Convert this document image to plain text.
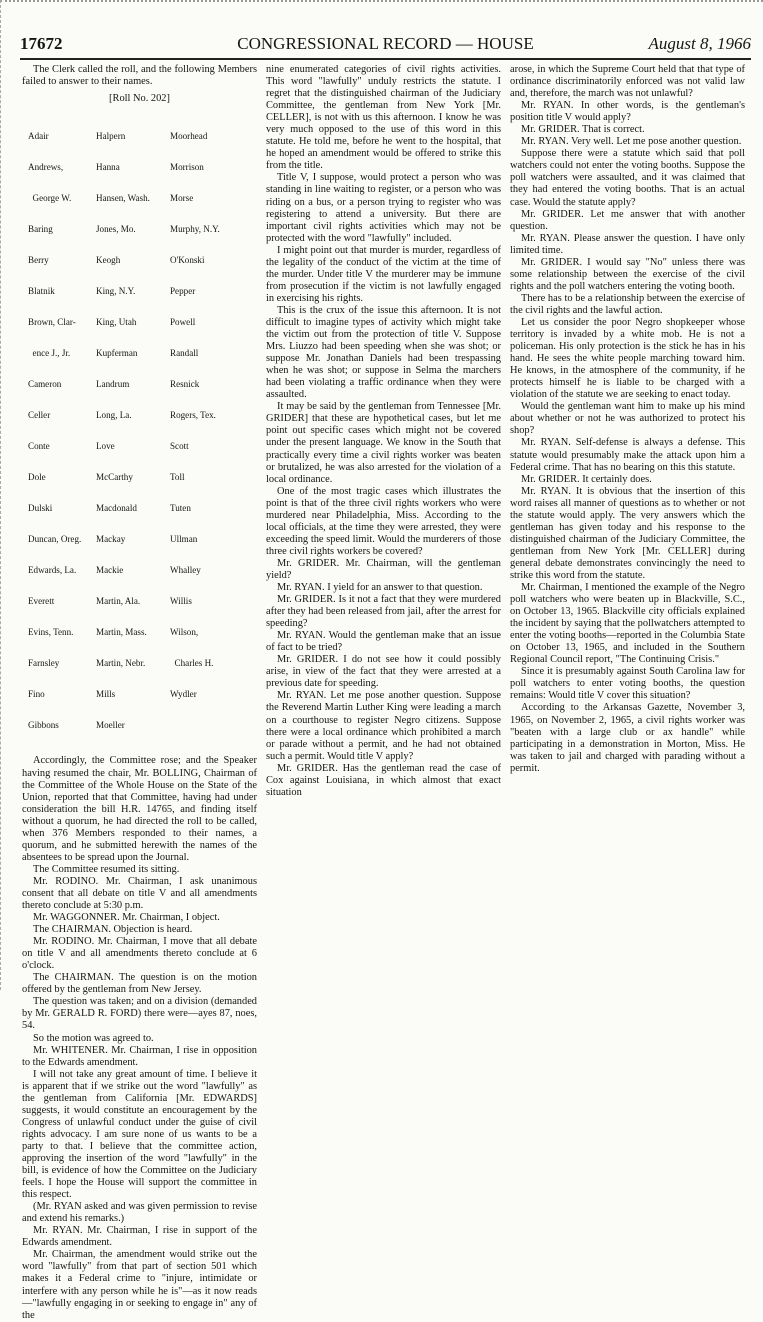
CONGRESSIONAL RECORD — HOUSE
17672	August 8, 1966

The Clerk called the roll, and the following Members failed to answer to their names.

[Roll No. 202]

Adair

Andrews,

George W.

Baring

Berry

Blatnik

Brown, Clar-

ence J., Jr.

Cameron

Celler

Conte

Dole

Dulski

Duncan, Oreg.

Edwards, La.

Everett

Evins, Tenn.

Farnsley

Fino

Gibbons

Halpern

Hanna

Hansen, Wash.

Jones, Mo.

Keogh

King, N.Y.

King, Utah

Kupferman

Landrum

Long, La.

Love

McCarthy

Macdonald

Mackay

Mackie

Martin, Ala.

Martin, Mass.

Martin, Nebr.

Mills

Moeller

Moorhead

Morrison

Morse

Murphy, N.Y.

O'Konski

Pepper

Powell

Randall

Resnick

Rogers, Tex.

Scott

Toll

Tuten

Ullman

Whalley

Willis

Wilson,

Charles H.

Wydler

Accordingly, the Committee rose; and the Speaker having resumed the chair, Mr. BOLLING, Chairman of the Committee of the Whole House on the State of the Union, reported that that Committee, having had under consideration the bill H.R. 14765, and finding itself without a quorum, he had directed the roll to be called, when 376 Members responded to their names, a quorum, and he submitted herewith the names of the absentees to be spread upon the Journal.

The Committee resumed its sitting.

Mr. RODINO. Mr. Chairman, I ask unanimous consent that all debate on title V and all amendments thereto conclude at 5:30 p.m.

Mr. WAGGONNER. Mr. Chairman, I object.

The CHAIRMAN. Objection is heard.

Mr. RODINO. Mr. Chairman, I move that all debate on title V and all amendments thereto conclude at 6 o'clock.

The CHAIRMAN. The question is on the motion offered by the gentleman from New Jersey.

The question was taken; and on a division (demanded by Mr. GERALD R. FORD) there were—ayes 87, noes, 54.

So the motion was agreed to.

Mr. WHITENER. Mr. Chairman, I rise in opposition to the Edwards amendment.

I will not take any great amount of time. I believe it is apparent that if we strike out the word "lawfully" as the gentleman from California [Mr. EDWARDS] suggests, it would constitute an encouragement by the Congress of unlawful conduct under the guise of civil rights advocacy. I am sure none of us wants to be a party to that. I believe that the committee action, approving the insertion of the word "lawfully" in the bill, is evidence of how the Committee on the Judiciary feels. I hope the House will support the committee in this respect.

(Mr. RYAN asked and was given permission to revise and extend his remarks.)

Mr. RYAN. Mr. Chairman, I rise in support of the Edwards amendment.

Mr. Chairman, the amendment would strike out the word "lawfully" from that part of section 501 which makes it a Federal crime to "injure, intimidate or interfere with any person while he is"—as it now reads—"lawfully engaging in or seeking to engage in" any of the

nine enumerated categories of civil rights activities. This word "lawfully" unduly restricts the statute. I regret that the distinguished chairman of the Judiciary Committee, the gentleman from New York [Mr. CELLER], is not with us this afternoon. I know he was very much opposed to the use of this word in this statute. He told me, before he went to the hospital, that he hoped an amendment would be offered to strike this from the title.

Title V, I suppose, would protect a person who was standing in line waiting to register, or a person who was riding on a bus, or a person trying to register who was registering to attend a university. But there are important civil rights activities which may not be protected with the word "lawfully" included.

I might point out that murder is murder, regardless of the legality of the conduct of the victim at the time of the murder. Under title V the murderer may be immune from prosecution if the victim is not lawfully engaged in exercising his rights.

This is the crux of the issue this afternoon. It is not difficult to imagine types of activity which might take the victim out from the protection of title V. Suppose Mrs. Liuzzo had been speeding when she was shot; or suppose Mr. Jonathan Daniels had been trespassing when he was shot; or suppose in Selma the marchers had been violating a traffic ordinance when they were assaulted.

It may be said by the gentleman from Tennessee [Mr. GRIDER] that these are hypothetical cases, but let me point out specific cases which might not be covered under the present language. We know in the South that practically every time a civil rights worker was beaten or brutalized, he was also arrested for the violation of a local ordinance.

One of the most tragic cases which illustrates the point is that of the three civil rights workers who were murdered near Philadelphia, Miss. According to the local officials, at the time they were arrested, they were exceeding the speed limit. Would the murderers of those three civil rights workers be covered?

Mr. GRIDER. Mr. Chairman, will the gentleman yield?

Mr. RYAN. I yield for an answer to that question.

Mr. GRIDER. Is it not a fact that they were murdered after they had been released from jail, after the arrest for speeding?

Mr. RYAN. Would the gentleman make that an issue of fact to be tried?

Mr. GRIDER. I do not see how it could possibly arise, in view of the fact that they were arrested at a previous date for speeding.

Mr. RYAN. Let me pose another question. Suppose the Reverend Martin Luther King were leading a march on a courthouse to register Negro citizens. Suppose there were a local ordinance which prohibited a march or parade without a permit, and he had not obtained such a permit. Would title V apply?

Mr. GRIDER. Has the gentleman read the case of Cox against Louisiana, in which almost that exact situation

arose, in which the Supreme Court held that that type of ordinance discriminatorily enforced was not valid law and, therefore, the march was not unlawful?

Mr. RYAN. In other words, is the gentleman's position title V would apply?

Mr. GRIDER. That is correct.

Mr. RYAN. Very well. Let me pose another question.

Suppose there were a statute which said that poll watchers could not enter the voting booths. Suppose the poll watchers were assaulted, and it was claimed that they had entered the voting booths. That is an actual case. Would the statute apply?

Mr. GRIDER. Let me answer that with another question.

Mr. RYAN. Please answer the question. I have only limited time.

Mr. GRIDER. I would say "No" unless there was some relationship between the exercise of the civil rights and the poll watchers entering the voting booth.

There has to be a relationship between the exercise of the civil rights and the lawful action.

Let us consider the poor Negro shopkeeper whose territory is invaded by a white mob. He is not a policeman. His only protection is the stick he has in his hand. He sees the white people marching toward him. He knows, in the atmosphere of the community, if he protects himself he is liable to be charged with a violation of the statute we are seeking to enact today.

Would the gentleman want him to make up his mind about whether or not he was authorized to protect his shop?

Mr. RYAN. Self-defense is always a defense. This statute would presumably make the attack upon him a Federal crime. That has no bearing on this this statute.

Mr. GRIDER. It certainly does.

Mr. RYAN. It is obvious that the insertion of this word raises all manner of questions as to whether or not the statute would apply. The very answers which the gentleman has given today and his response to the distinguished chairman of the Judiciary Committee, the gentleman from New York [Mr. CELLER] during general debate demonstrates convincingly the need to strike this word from the statute.

Mr. Chairman, I mentioned the example of the Negro poll watchers who were beaten up in Blackville, S.C., on October 13, 1965. Blackville city officials explained the incident by saying that the pollwatchers attempted to enter the voting booths—reported in the Columbia State on October 13, 1965, and included in the Southern Regional Council report, "The Continuing Crisis."

Since it is presumably against South Carolina law for poll watchers to enter voting booths, the question remains: Would title V cover this situation?

According to the Arkansas Gazette, November 3, 1965, on November 2, 1965, a civil rights worker was "beaten with a large club or ax handle" while participating in a demonstration in Morton, Miss. He was taken to jail and charged with parading without a permit.
